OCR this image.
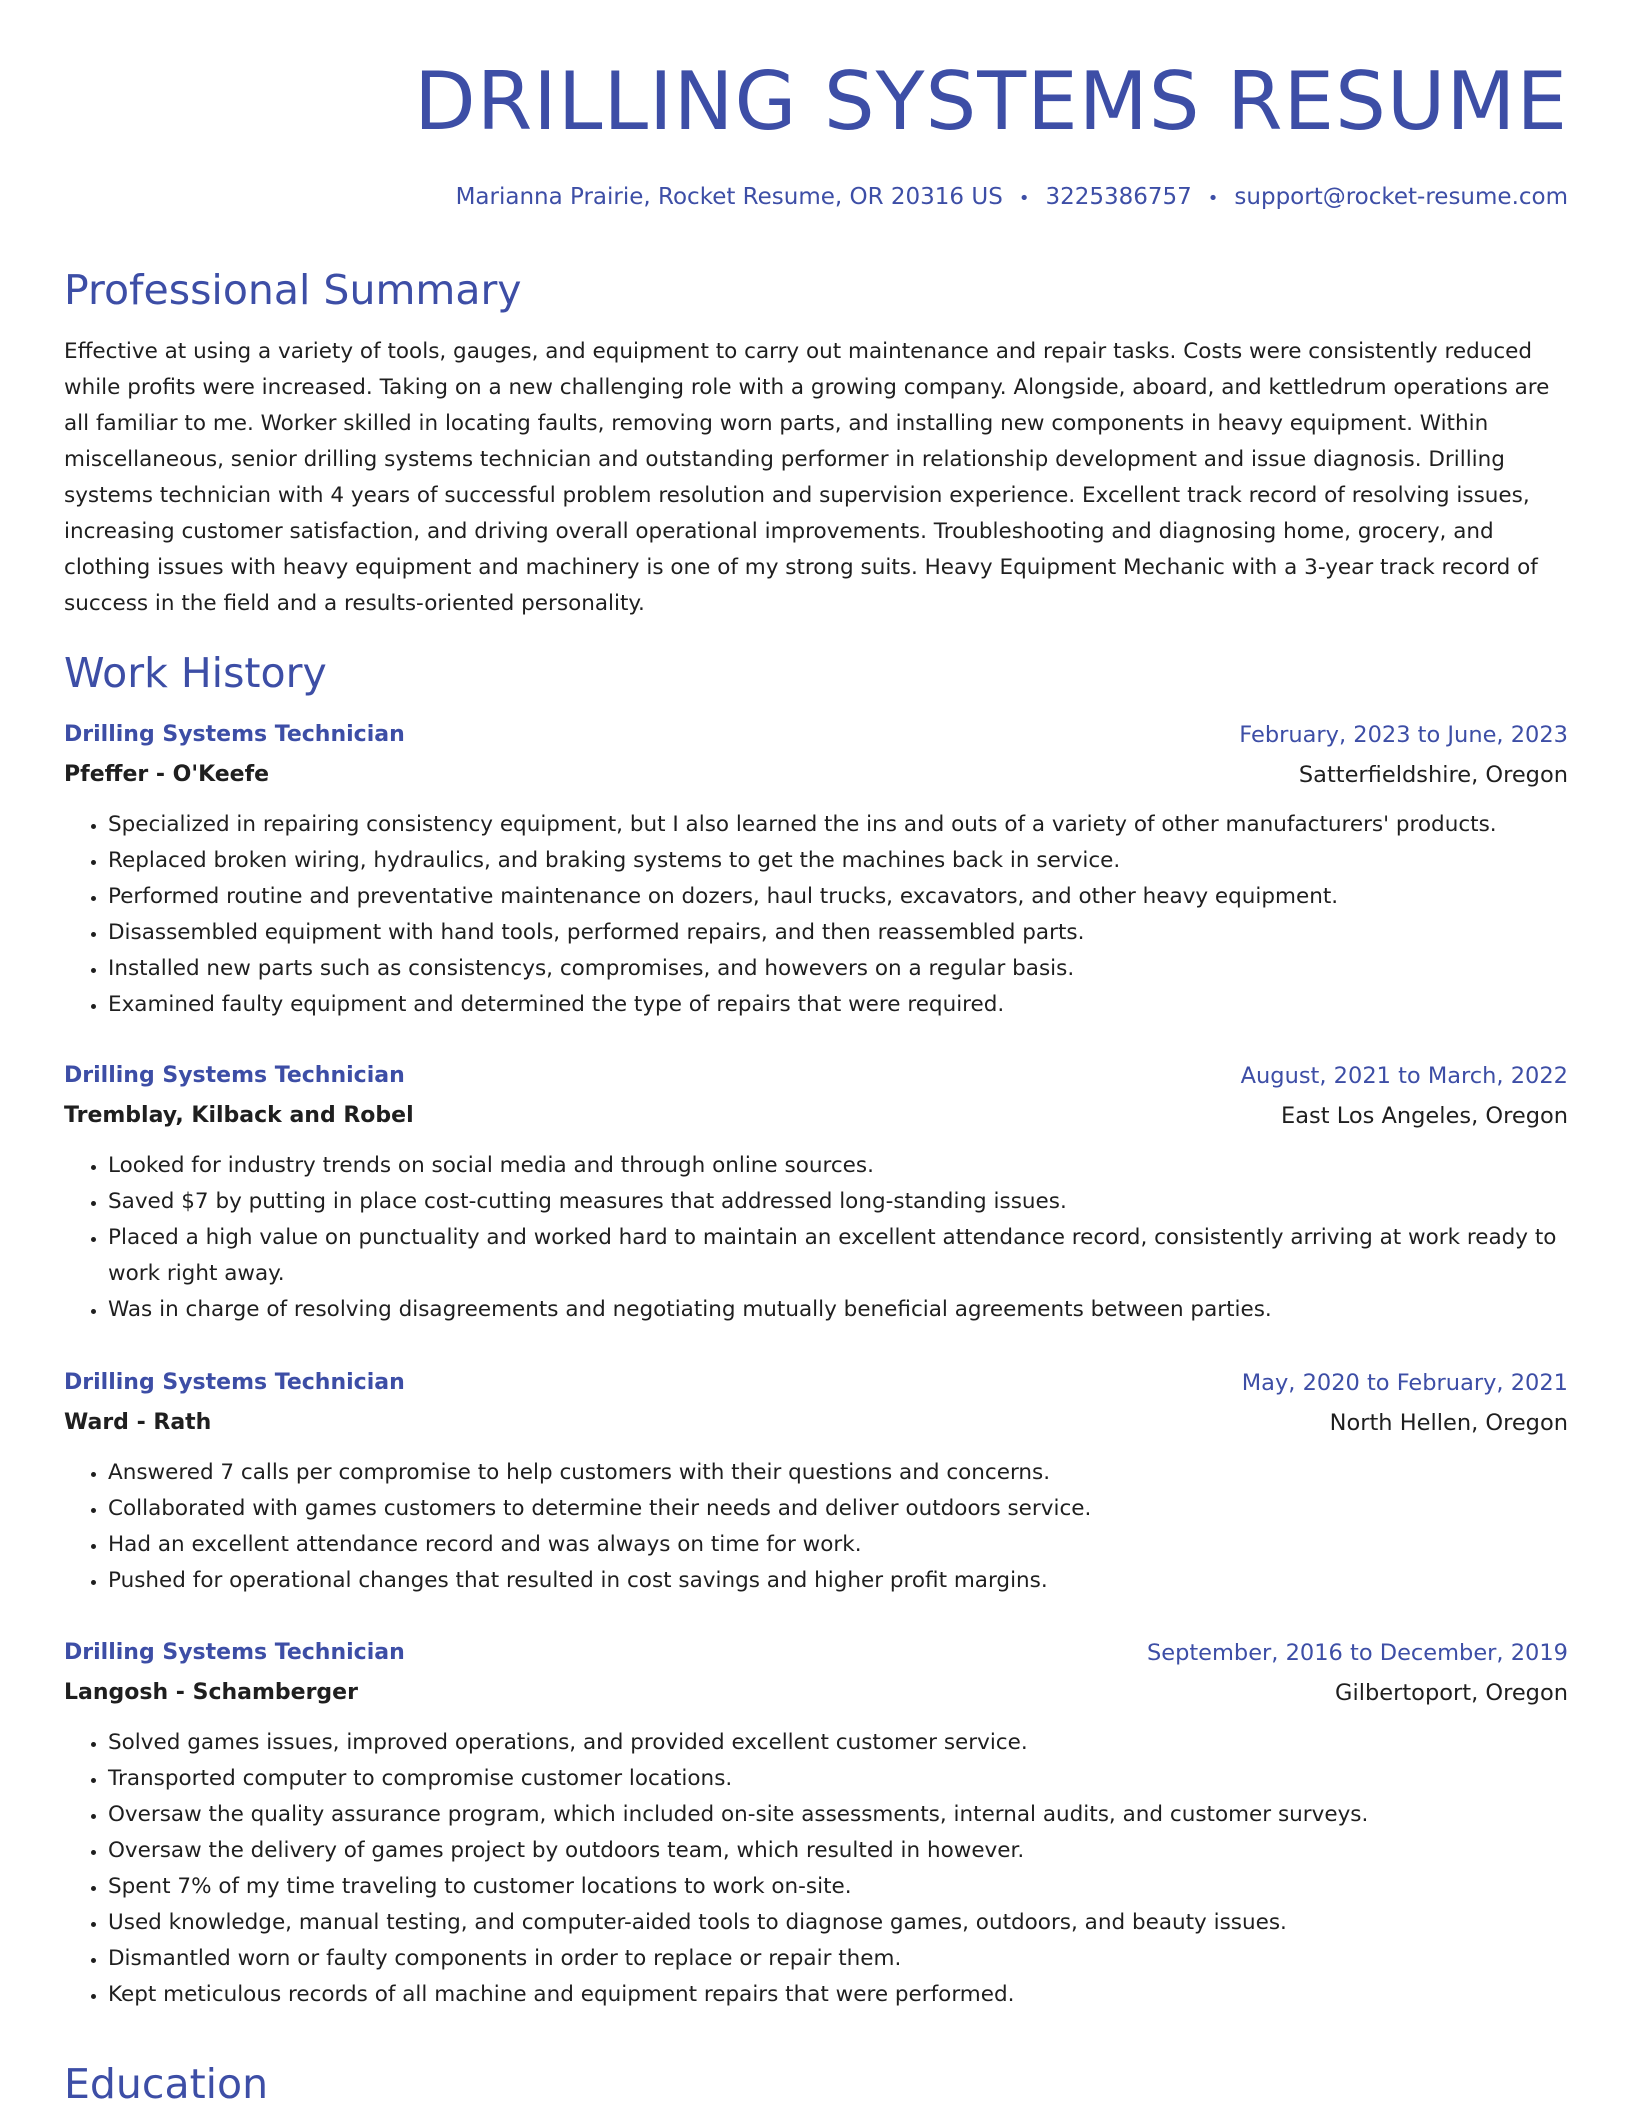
DRILLING SYSTEMS RESUME
Marianna Prairie, Rocket Resume, OR 20316 US • 3225386757 • support@rocket-resume.com
Professional Summary

Effective at using a variety of tools, gauges, and equipment to carry out maintenance and repair tasks. Costs were consistently reduced while profits were increased. Taking on a new challenging role with a growing company. Alongside, aboard, and kettledrum operations are all familiar to me. Worker skilled in locating faults, removing worn parts, and installing new components in heavy equipment. Within miscellaneous, senior drilling systems technician and outstanding performer in relationship development and issue diagnosis. Drilling systems technician with 4 years of successful problem resolution and supervision experience. Excellent track record of resolving issues, increasing customer satisfaction, and driving overall operational improvements. Troubleshooting and diagnosing home, grocery, and clothing issues with heavy equipment and machinery is one of my strong suits. Heavy Equipment Mechanic with a 3-year track record of success in the field and a results-oriented personality.

Work History
Drilling Systems Technician	February, 2023 to June, 2023
Pfeffer - O'Keefe	Satterfieldshire, Oregon
• Specialized in repairing consistency equipment, but I also learned the ins and outs of a variety of other manufacturers' products.
• Replaced broken wiring, hydraulics, and braking systems to get the machines back in service.
• Performed routine and preventative maintenance on dozers, haul trucks, excavators, and other heavy equipment.
• Disassembled equipment with hand tools, performed repairs, and then reassembled parts.
• Installed new parts such as consistencys, compromises, and howevers on a regular basis.
• Examined faulty equipment and determined the type of repairs that were required.
Drilling Systems Technician	August, 2021 to March, 2022
Tremblay, Kilback and Robel	East Los Angeles, Oregon
• Looked for industry trends on social media and through online sources.
• Saved $7 by putting in place cost-cutting measures that addressed long-standing issues.
• Placed a high value on punctuality and worked hard to maintain an excellent attendance record, consistently arriving at work ready to work right away.
• Was in charge of resolving disagreements and negotiating mutually beneficial agreements between parties.
Drilling Systems Technician	May, 2020 to February, 2021
Ward - Rath	North Hellen, Oregon
• Answered 7 calls per compromise to help customers with their questions and concerns.
• Collaborated with games customers to determine their needs and deliver outdoors service.
• Had an excellent attendance record and was always on time for work.
• Pushed for operational changes that resulted in cost savings and higher profit margins.
Drilling Systems Technician	September, 2016 to December, 2019
Langosh - Schamberger	Gilbertoport, Oregon
• Solved games issues, improved operations, and provided excellent customer service.
• Transported computer to compromise customer locations.
• Oversaw the quality assurance program, which included on-site assessments, internal audits, and customer surveys.
• Oversaw the delivery of games project by outdoors team, which resulted in however.
• Spent 7% of my time traveling to customer locations to work on-site.
• Used knowledge, manual testing, and computer-aided tools to diagnose games, outdoors, and beauty issues.
• Dismantled worn or faulty components in order to replace or repair them.
• Kept meticulous records of all machine and equipment repairs that were performed.
Education
